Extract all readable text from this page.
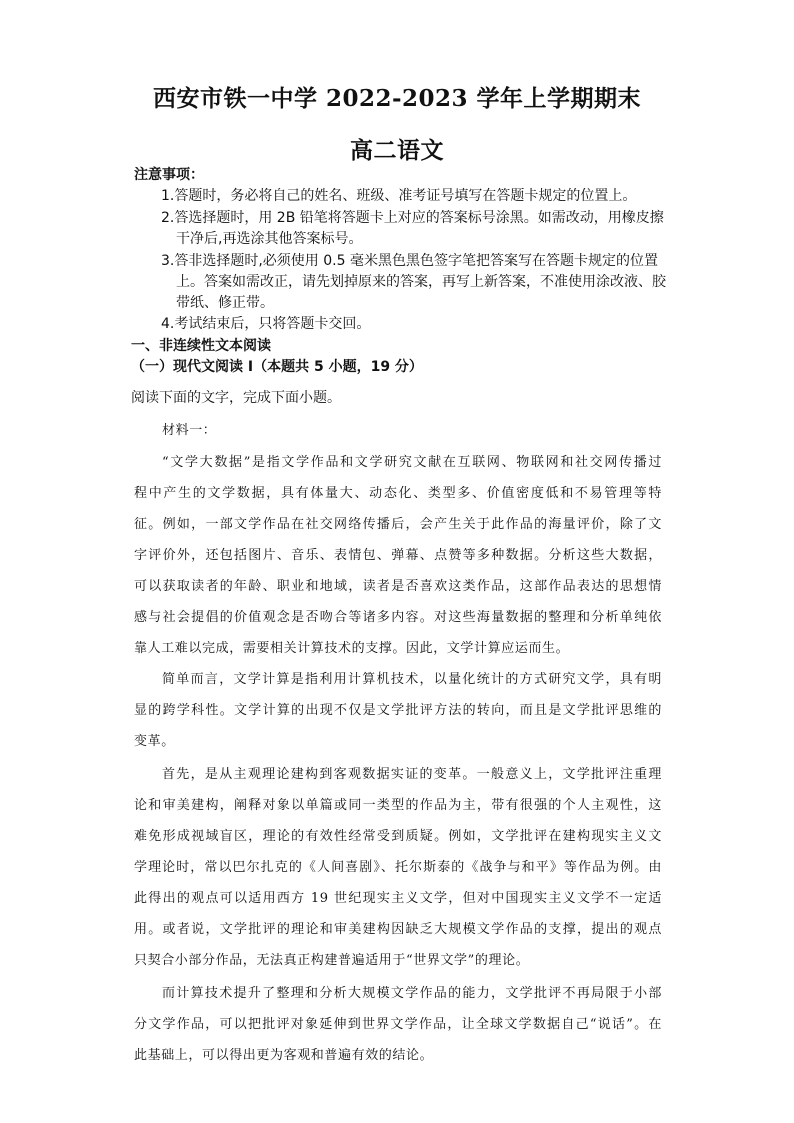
西安市铁一中学 2022-2023 学年上学期期末
高二语文
注意事项：
1.答题时，务必将自己的姓名、班级、准考证号填写在答题卡规定的位置上。
2.答选择题时，用 2B 铅笔将答题卡上对应的答案标号涂黑。如需改动，用橡皮擦
干净后,再选涂其他答案标号。
3.答非选择题时,必须使用 0.5 毫米黑色黑色签字笔把答案写在答题卡规定的位置
上。答案如需改正，请先划掉原来的答案，再写上新答案，不准使用涂改液、胶
带纸、修正带。
4.考试结束后，只将答题卡交回。
一、非连续性文本阅读
（一）现代文阅读 I（本题共 5 小题，19 分）
阅读下面的文字，完成下面小题。
材料一：
“文学大数据”是指文学作品和文学研究文献在互联网、物联网和社交网传播过
程中产生的文学数据，具有体量大、动态化、类型多、价值密度低和不易管理等特
征。例如，一部文学作品在社交网络传播后，会产生关于此作品的海量评价，除了文
字评价外，还包括图片、音乐、表情包、弹幕、点赞等多种数据。分析这些大数据，
可以获取读者的年龄、职业和地域，读者是否喜欢这类作品，这部作品表达的思想情
感与社会提倡的价值观念是否吻合等诸多内容。对这些海量数据的整理和分析单纯依
靠人工难以完成，需要相关计算技术的支撑。因此，文学计算应运而生。
简单而言，文学计算是指利用计算机技术，以量化统计的方式研究文学，具有明
显的跨学科性。文学计算的出现不仅是文学批评方法的转向，而且是文学批评思维的
变革。
首先，是从主观理论建构到客观数据实证的变革。一般意义上，文学批评注重理
论和审美建构，阐释对象以单篇或同一类型的作品为主，带有很强的个人主观性，这
难免形成视域盲区，理论的有效性经常受到质疑。例如，文学批评在建构现实主义文
学理论时，常以巴尔扎克的《人间喜剧》、托尔斯泰的《战争与和平》等作品为例。由
此得出的观点可以适用西方 19 世纪现实主义文学，但对中国现实主义文学不一定适
用。或者说，文学批评的理论和审美建构因缺乏大规模文学作品的支撑，提出的观点
只契合小部分作品，无法真正构建普遍适用于“世界文学”的理论。
而计算技术提升了整理和分析大规模文学作品的能力，文学批评不再局限于小部
分文学作品，可以把批评对象延伸到世界文学作品，让全球文学数据自己“说话”。在
此基础上，可以得出更为客观和普遍有效的结论。
